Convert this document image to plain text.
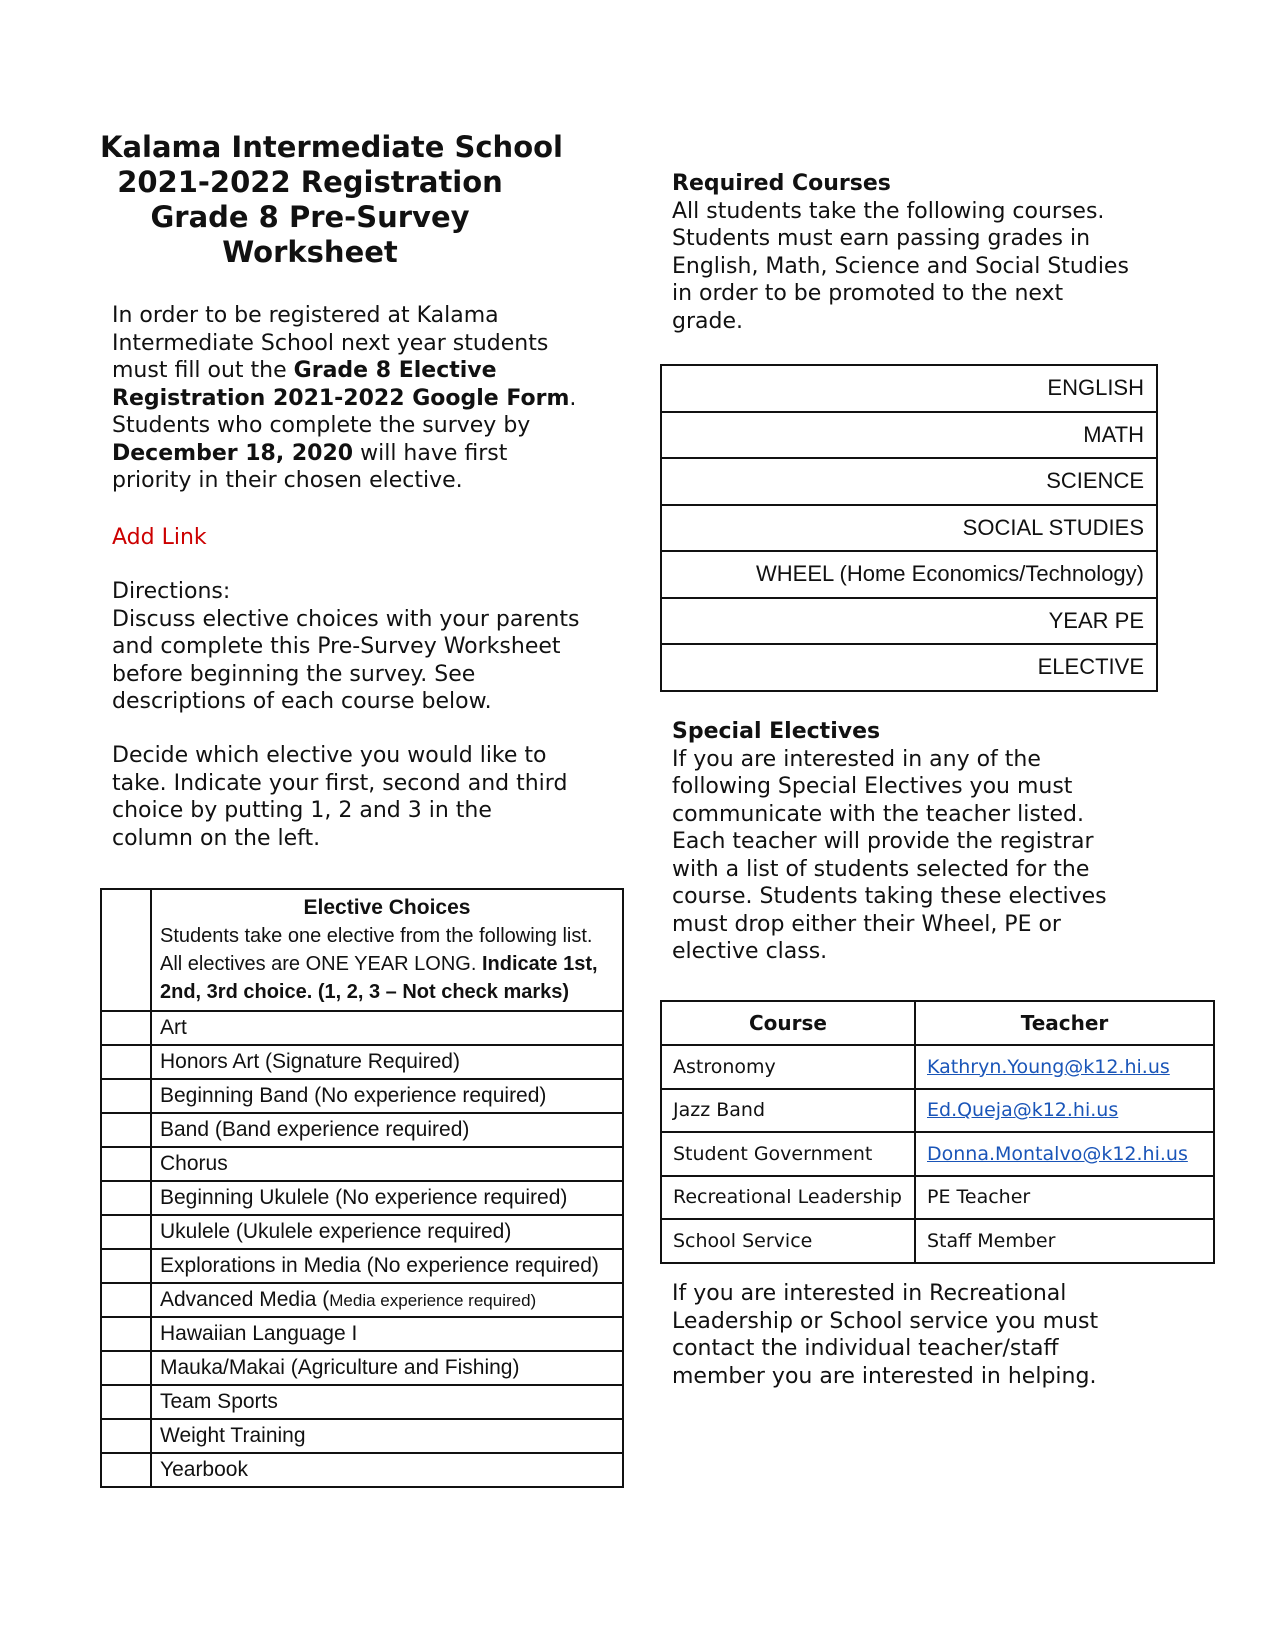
Kalama Intermediate School
2021-2022 Registration
Grade 8 Pre-Survey
Worksheet
In order to be registered at Kalama
Intermediate School next year students
must fill out the Grade 8 Elective
Registration 2021-2022 Google Form.
Students who complete the survey by
December 18, 2020 will have first
priority in their chosen elective.
Add Link
Directions:
Discuss elective choices with your parents
and complete this Pre-Survey Worksheet
before beginning the survey. See
descriptions of each course below.
Decide which elective you would like to
take. Indicate your first, second and third
choice by putting 1, 2 and 3 in the
column on the left.

	Elective Choices
Students take one elective from the following list.
All electives are ONE YEAR LONG. Indicate 1st,
2nd, 3rd choice. (1, 2, 3 – Not check marks)

	Art
	Honors Art (Signature Required)
	Beginning Band (No experience required)
	Band (Band experience required)
	Chorus
	Beginning Ukulele (No experience required)
	Ukulele (Ukulele experience required)
	Explorations in Media (No experience required)
	Advanced Media (Media experience required)
	Hawaiian Language I
	Mauka/Makai (Agriculture and Fishing)
	Team Sports
	Weight Training
	Yearbook
Required Courses
All students take the following courses.
Students must earn passing grades in
English, Math, Science and Social Studies
in order to be promoted to the next
grade.
ENGLISH
MATH
SCIENCE
SOCIAL STUDIES
WHEEL (Home Economics/Technology)
YEAR PE
ELECTIVE
Special Electives
If you are interested in any of the
following Special Electives you must
communicate with the teacher listed.
Each teacher will provide the registrar
with a list of students selected for the
course. Students taking these electives
must drop either their Wheel, PE or
elective class.
Course	Teacher
Astronomy	Kathryn.Young@k12.hi.us
Jazz Band	Ed.Queja@k12.hi.us
Student Government	Donna.Montalvo@k12.hi.us
Recreational Leadership	PE Teacher
School Service	Staff Member
If you are interested in Recreational
Leadership or School service you must
contact the individual teacher/staff
member you are interested in helping.
